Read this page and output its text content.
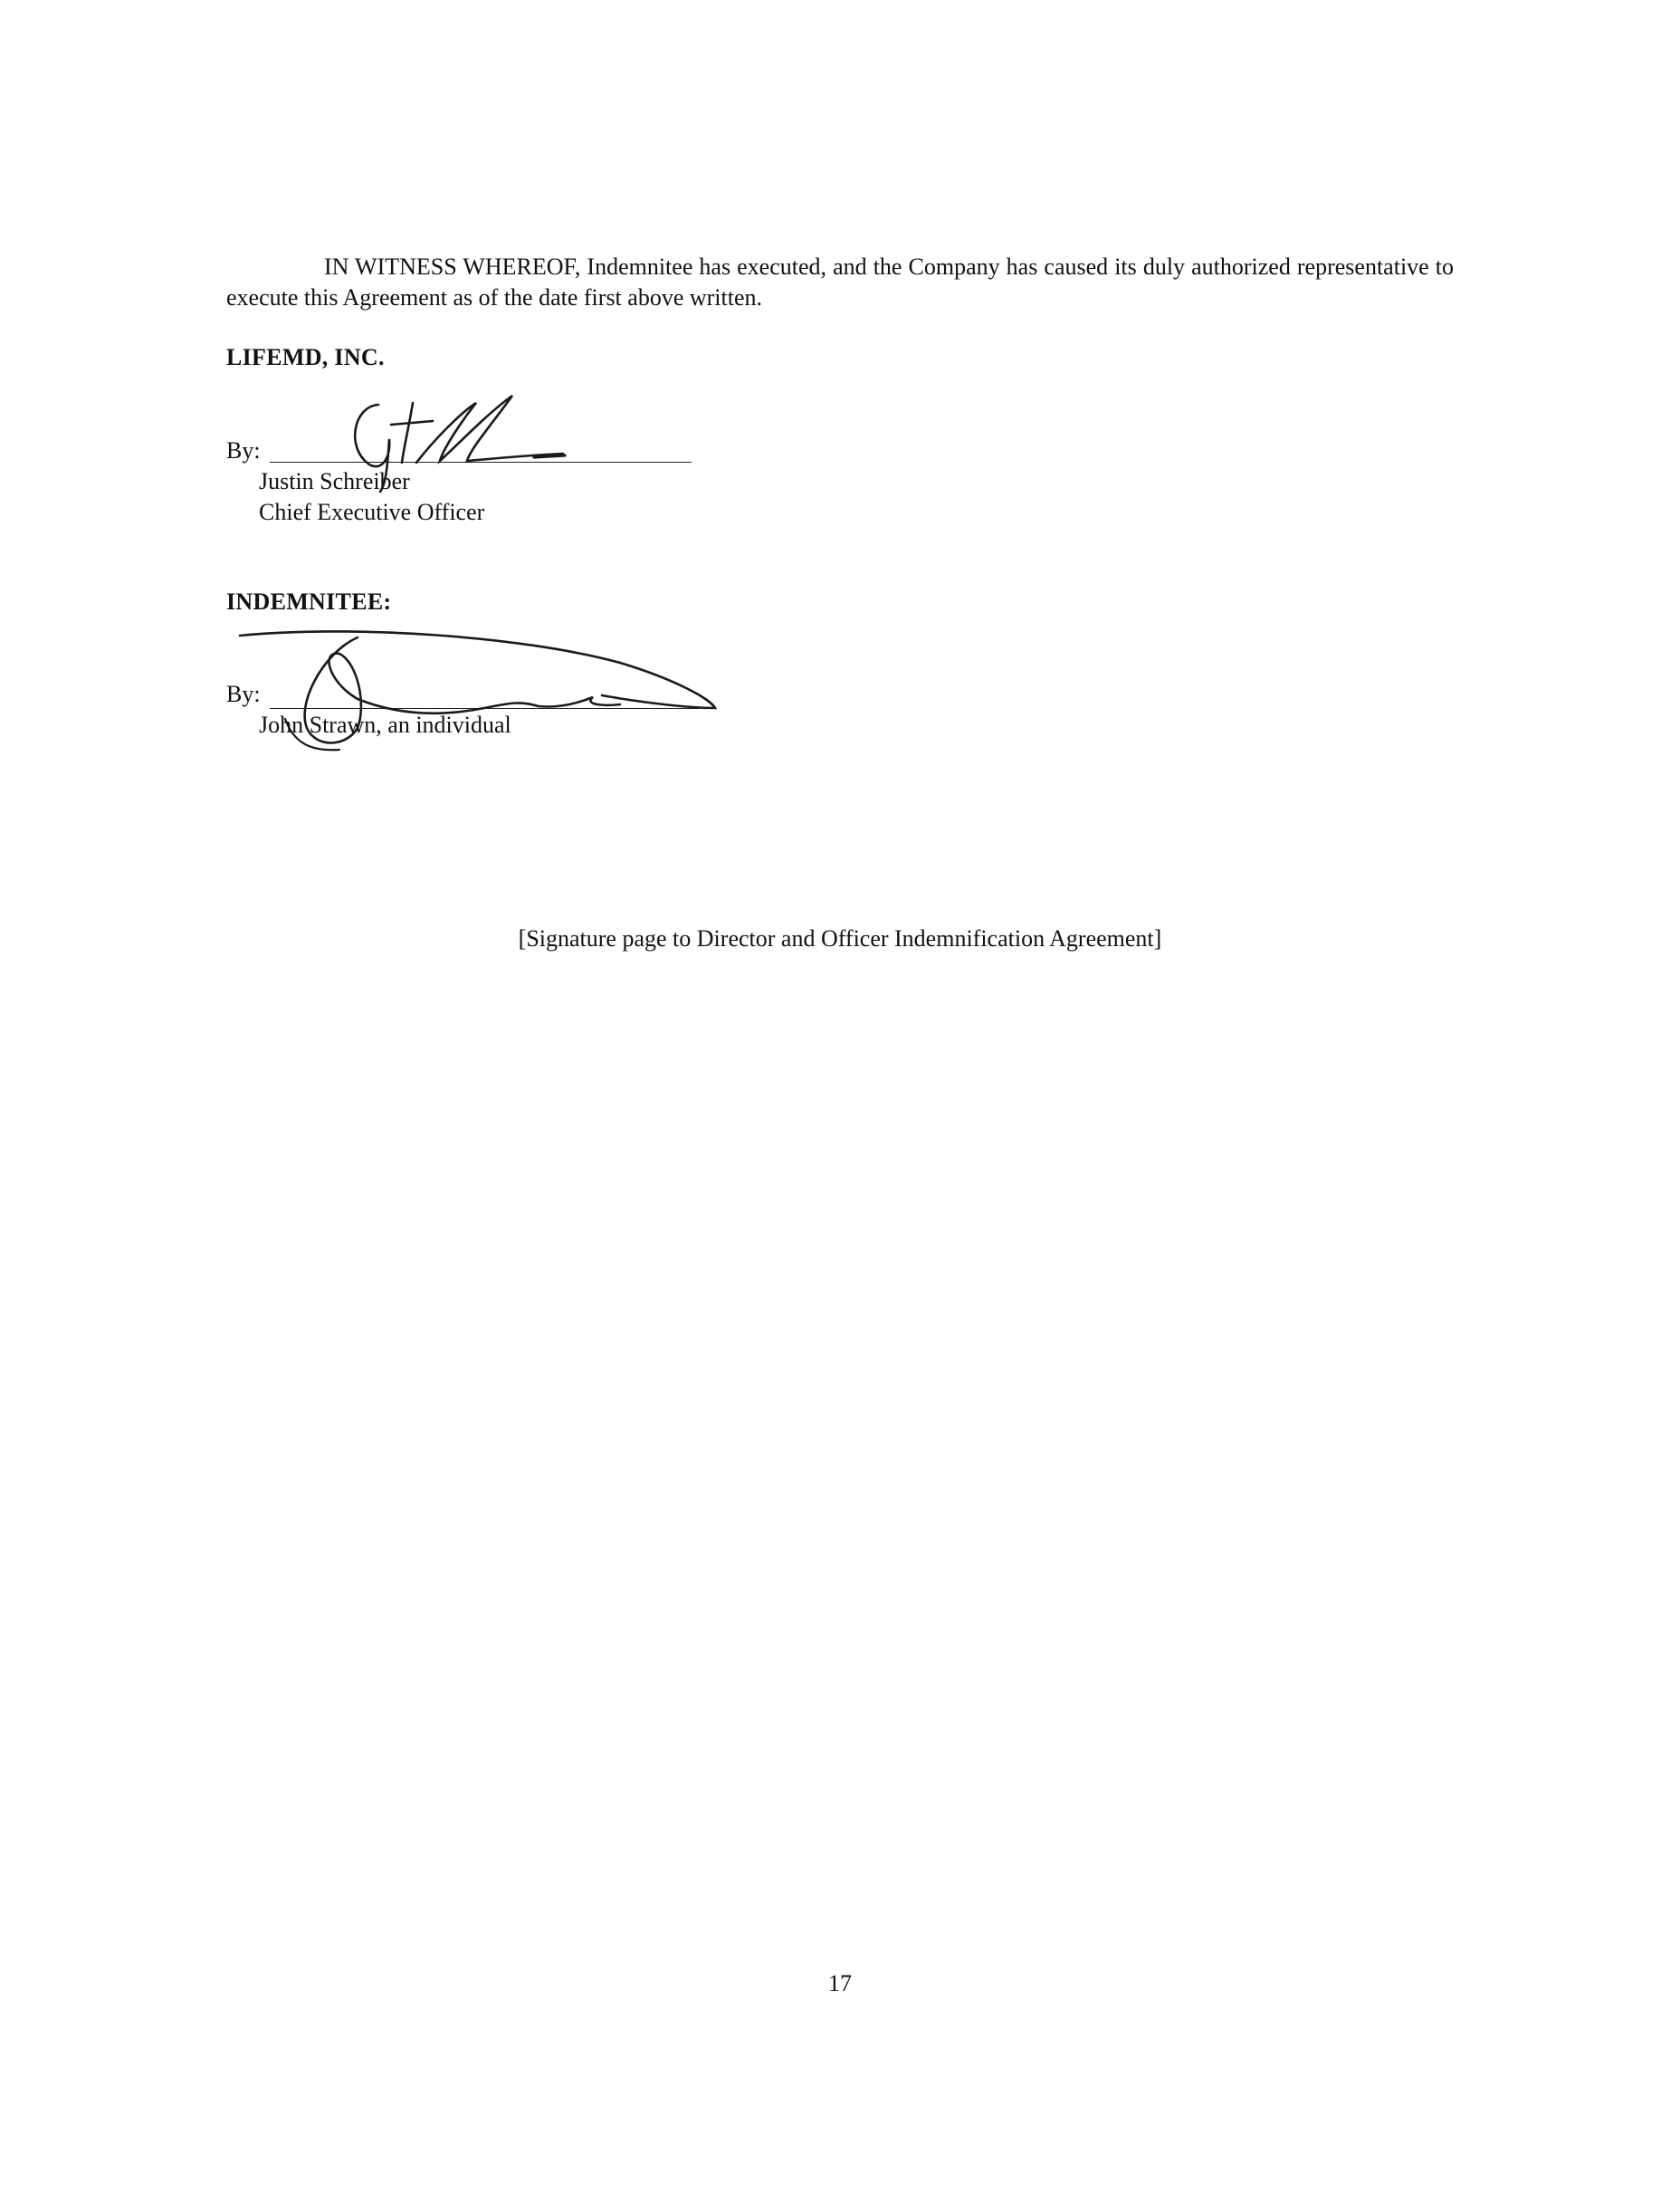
IN WITNESS WHEREOF, Indemnitee has executed, and the Company has caused its duly authorized representative to execute this Agreement as of the date first above written.

LIFEMD, INC.
By:
Justin Schreiber
Chief Executive Officer
INDEMNITEE:
By:
John Strawn, an individual
[Signature page to Director and Officer Indemnification Agreement]
17
